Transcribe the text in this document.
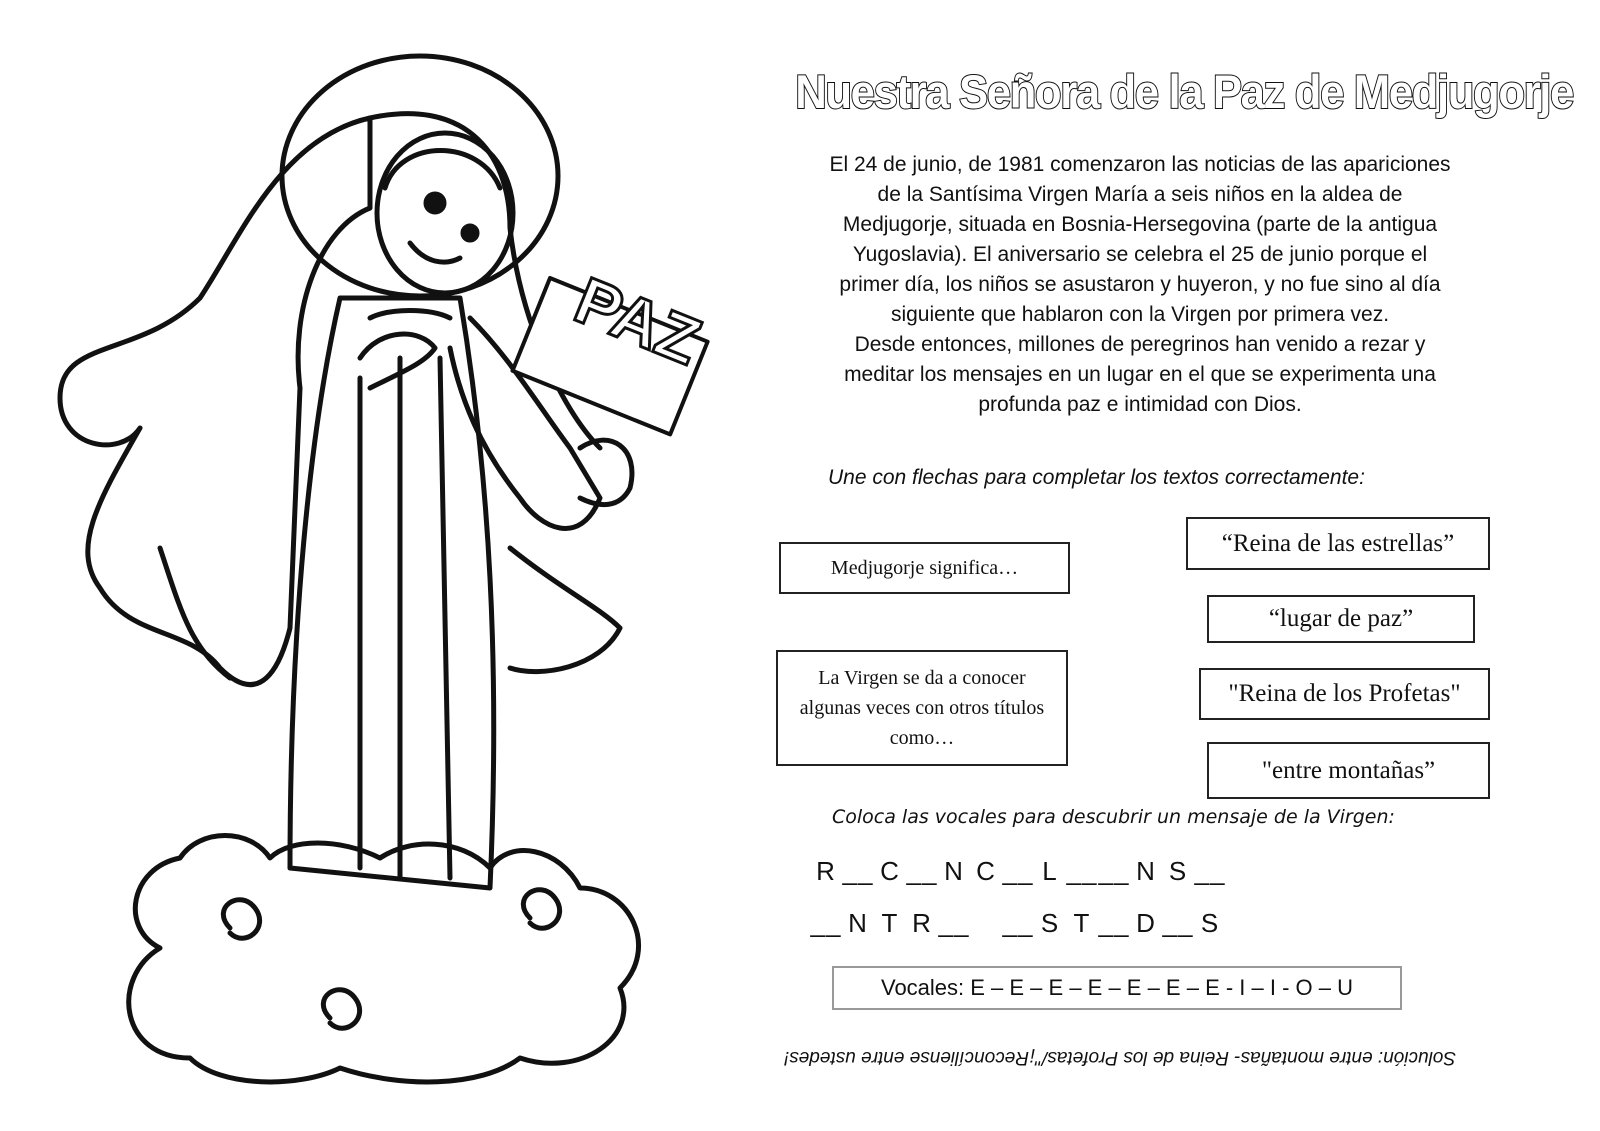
PAZ
Nuestra Señora de la Paz de Medjugorje

El 24 de junio, de 1981 comenzaron las noticias de las apariciones

de la Santísima Virgen María a seis niños en la aldea de

Medjugorje, situada en Bosnia-Hersegovina (parte de la antigua

Yugoslavia). El aniversario se celebra el 25 de junio porque el

primer día, los niños se asustaron y huyeron, y no fue sino al día

siguiente que hablaron con la Virgen por primera vez.

Desde entonces, millones de peregrinos han venido a rezar y

meditar los mensajes en un lugar en el que se experimenta una

profunda paz e intimidad con Dios.

Une con flechas para completar los textos correctamente:
Medjugorje significa…
La Virgen se da a conocer algunas veces con otros títulos como…
“Reina de las estrellas”
“lugar de paz”
"Reina de los Profetas"
"entre montañas”
Coloca las vocales para descubrir un mensaje de la Virgen:
R __ C __ N C __ L __ __ N S __
__ N T R __ __ S T __ D __ S
Vocales: E – E – E – E – E – E – E - I – I - O – U
Solución: entre montañas- Reina de los Profetas/"¡Reconcíliense entre ustedes!
